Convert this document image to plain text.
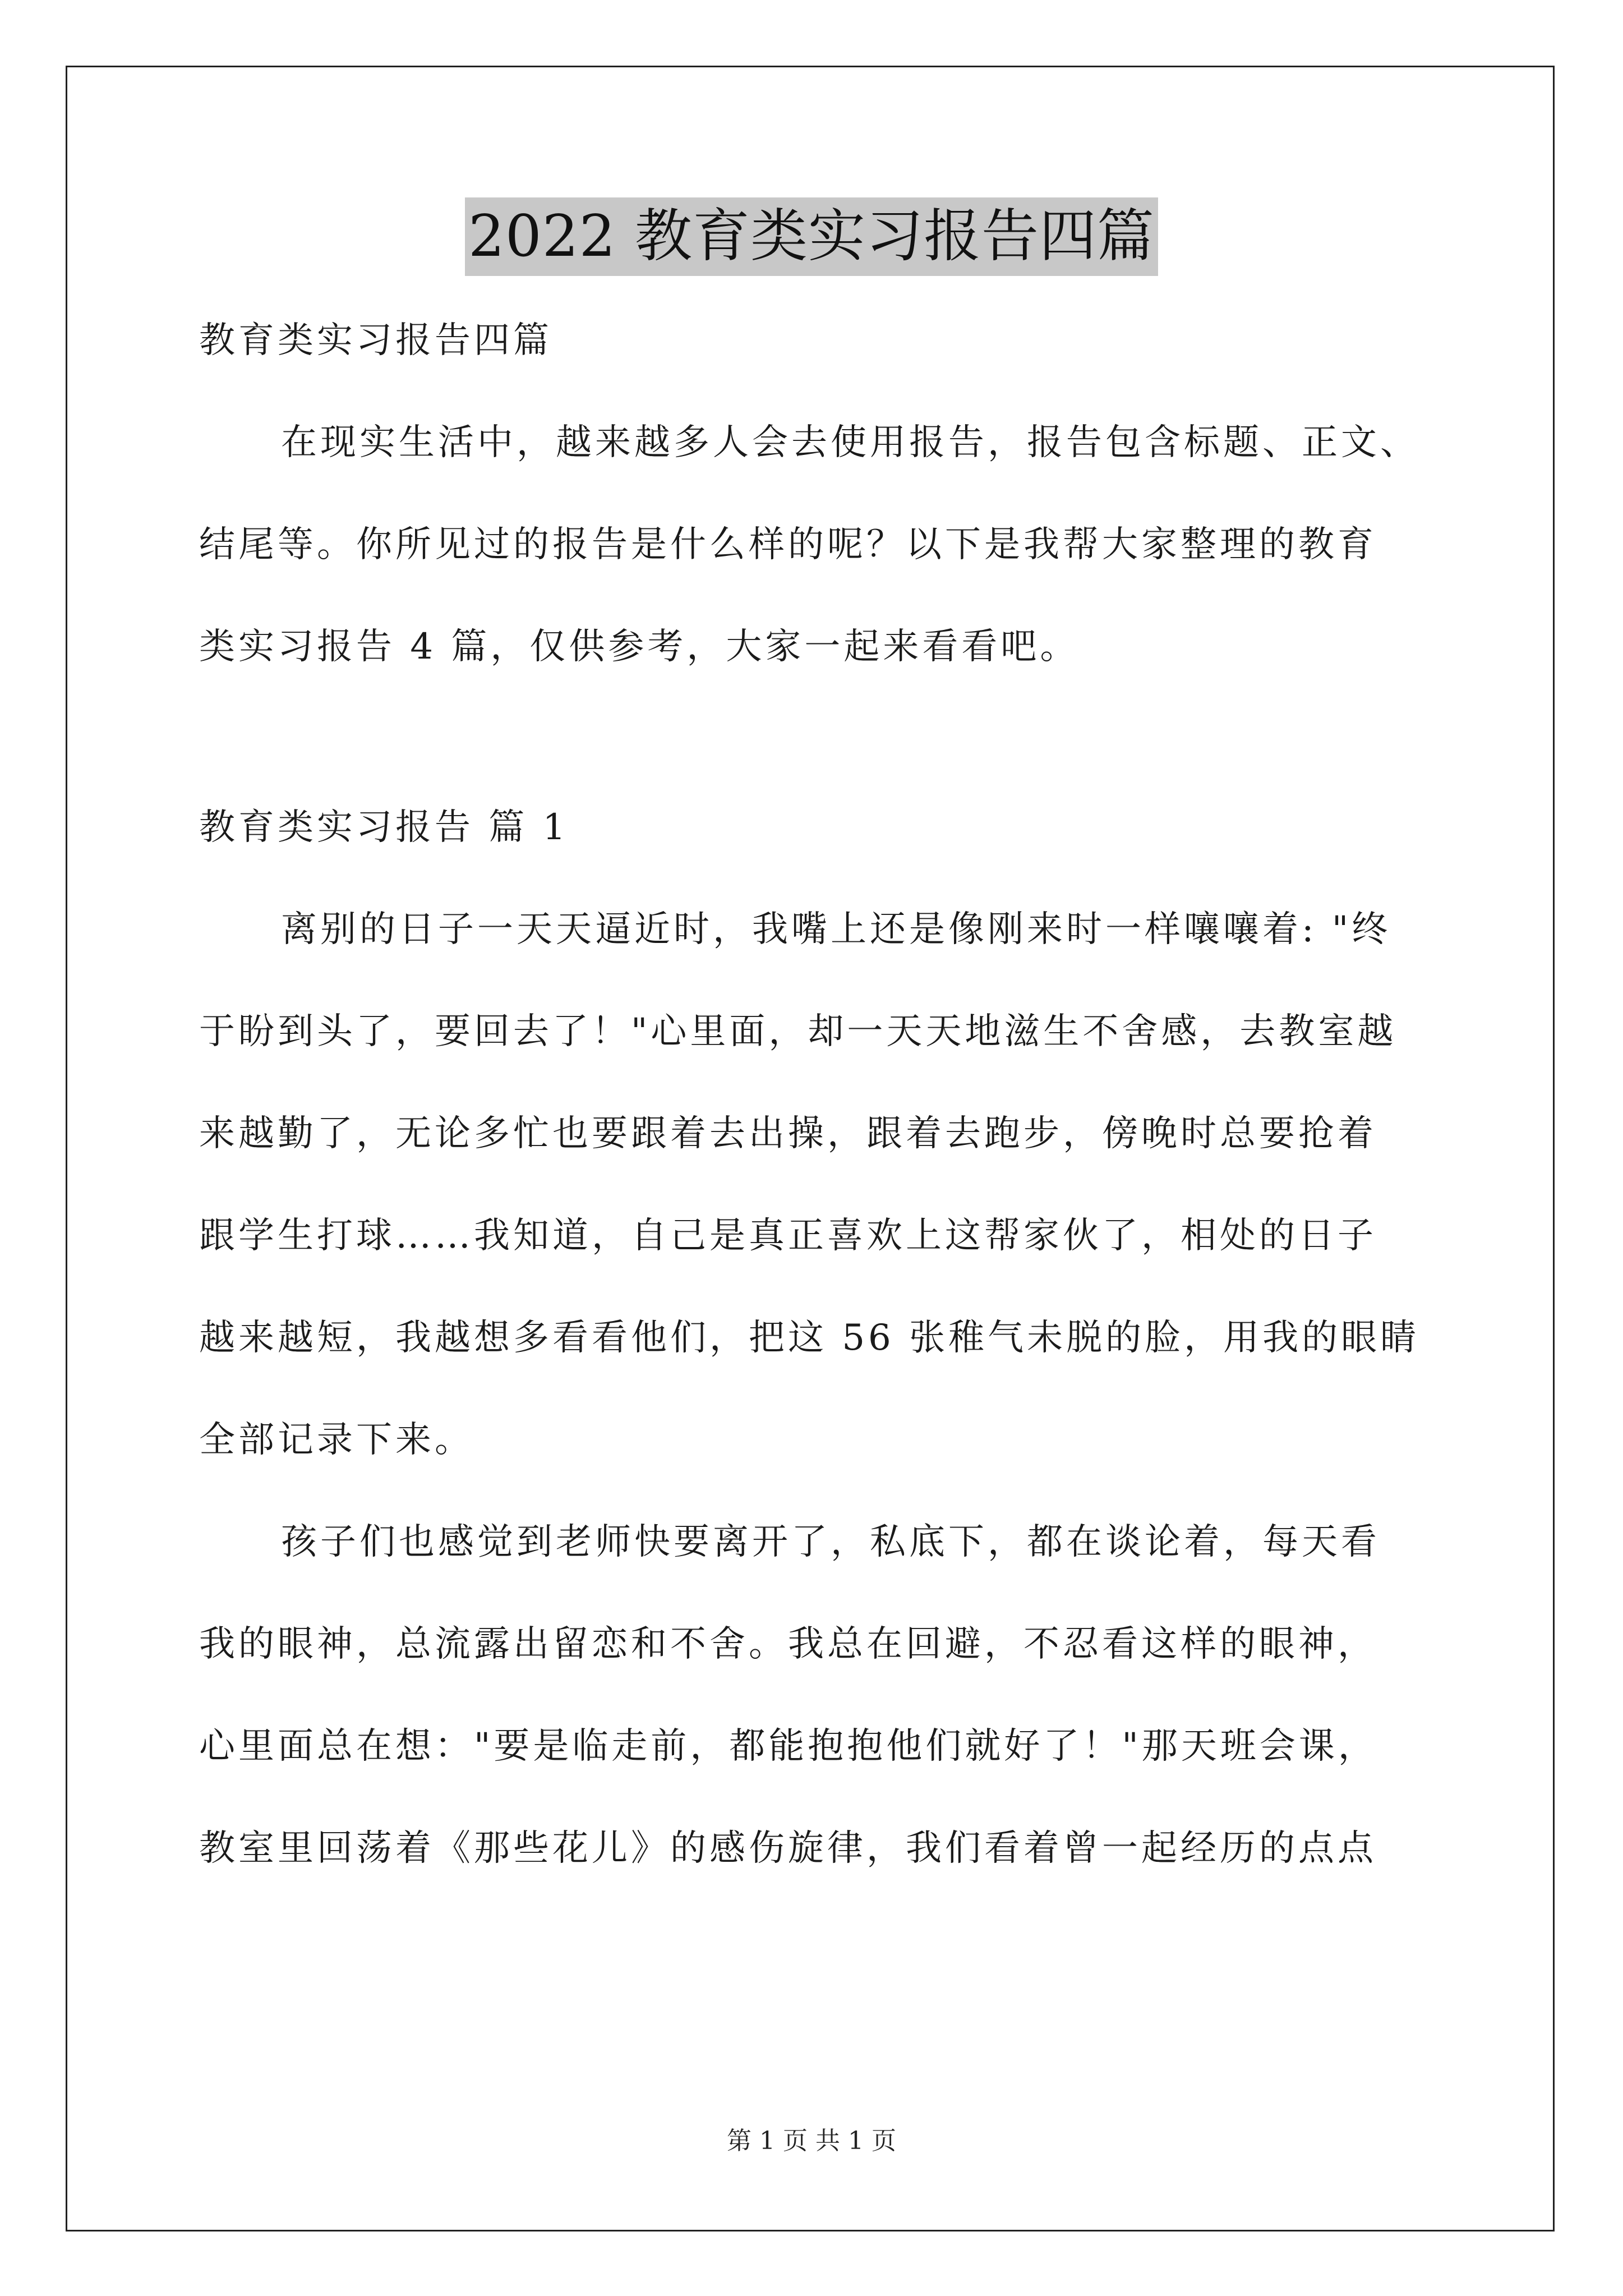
2022 教育类实习报告四篇
教育类实习报告四篇
在现实生活中，越来越多人会去使用报告，报告包含标题、正文、
结尾等。你所见过的报告是什么样的呢？以下是我帮大家整理的教育
类实习报告 4 篇，仅供参考，大家一起来看看吧。
教育类实习报告 篇 1
离别的日子一天天逼近时，我嘴上还是像刚来时一样嚷嚷着: "终
于盼到头了，要回去了！"心里面，却一天天地滋生不舍感，去教室越
来越勤了，无论多忙也要跟着去出操，跟着去跑步，傍晚时总要抢着
跟学生打球……我知道，自己是真正喜欢上这帮家伙了，相处的日子
越来越短，我越想多看看他们，把这 56 张稚气未脱的脸，用我的眼睛
全部记录下来。
孩子们也感觉到老师快要离开了，私底下，都在谈论着，每天看
我的眼神，总流露出留恋和不舍。我总在回避，不忍看这样的眼神，
心里面总在想："要是临走前，都能抱抱他们就好了！"那天班会课，
教室里回荡着《那些花儿》的感伤旋律，我们看着曾一起经历的点点
第 1 页 共 1 页
